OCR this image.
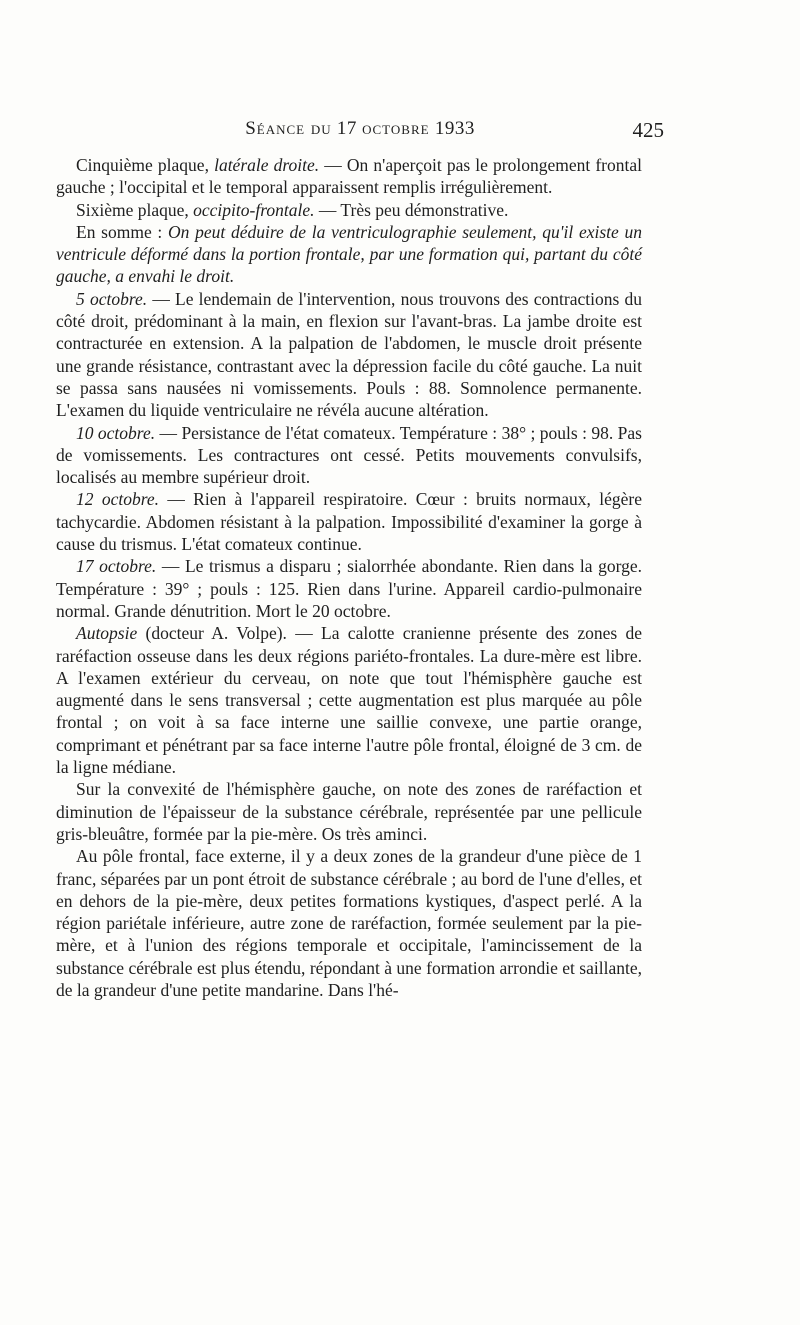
Séance du 17 octobre 1933	425

Cinquième plaque, latérale droite. — On n'aperçoit pas le prolongement frontal gauche ; l'occipital et le temporal apparaissent remplis irrégulièrement.

Sixième plaque, occipito-frontale. — Très peu démonstrative.

En somme : On peut déduire de la ventriculographie seulement, qu'il existe un ventricule déformé dans la portion frontale, par une formation qui, partant du côté gauche, a envahi le droit.

5 octobre. — Le lendemain de l'intervention, nous trouvons des contractions du côté droit, prédominant à la main, en flexion sur l'avant-bras. La jambe droite est contracturée en extension. A la palpation de l'abdomen, le muscle droit présente une grande résistance, contrastant avec la dépression facile du côté gauche. La nuit se passa sans nausées ni vomissements. Pouls : 88. Somnolence permanente. L'examen du liquide ventriculaire ne révéla aucune altération.

10 octobre. — Persistance de l'état comateux. Température : 38° ; pouls : 98. Pas de vomissements. Les contractures ont cessé. Petits mouvements convulsifs, localisés au membre supérieur droit.

12 octobre. — Rien à l'appareil respiratoire. Cœur : bruits normaux, légère tachycardie. Abdomen résistant à la palpation. Impossibilité d'examiner la gorge à cause du trismus. L'état comateux continue.

17 octobre. — Le trismus a disparu ; sialorrhée abondante. Rien dans la gorge. Température : 39° ; pouls : 125. Rien dans l'urine. Appareil cardio-pulmonaire normal. Grande dénutrition. Mort le 20 octobre.

Autopsie (docteur A. Volpe). — La calotte cranienne présente des zones de raréfaction osseuse dans les deux régions pariéto-frontales. La dure-mère est libre. A l'examen extérieur du cerveau, on note que tout l'hémisphère gauche est augmenté dans le sens transversal ; cette augmentation est plus marquée au pôle frontal ; on voit à sa face interne une saillie convexe, une partie orange, comprimant et pénétrant par sa face interne l'autre pôle frontal, éloigné de 3 cm. de la ligne médiane.

Sur la convexité de l'hémisphère gauche, on note des zones de raréfaction et diminution de l'épaisseur de la substance cérébrale, représentée par une pellicule gris-bleuâtre, formée par la pie-mère. Os très aminci.

Au pôle frontal, face externe, il y a deux zones de la grandeur d'une pièce de 1 franc, séparées par un pont étroit de substance cérébrale ; au bord de l'une d'elles, et en dehors de la pie-mère, deux petites formations kystiques, d'aspect perlé. A la région pariétale inférieure, autre zone de raréfaction, formée seulement par la pie-mère, et à l'union des régions temporale et occipitale, l'amincissement de la substance cérébrale est plus étendu, répondant à une formation arrondie et saillante, de la grandeur d'une petite mandarine. Dans l'hé-
